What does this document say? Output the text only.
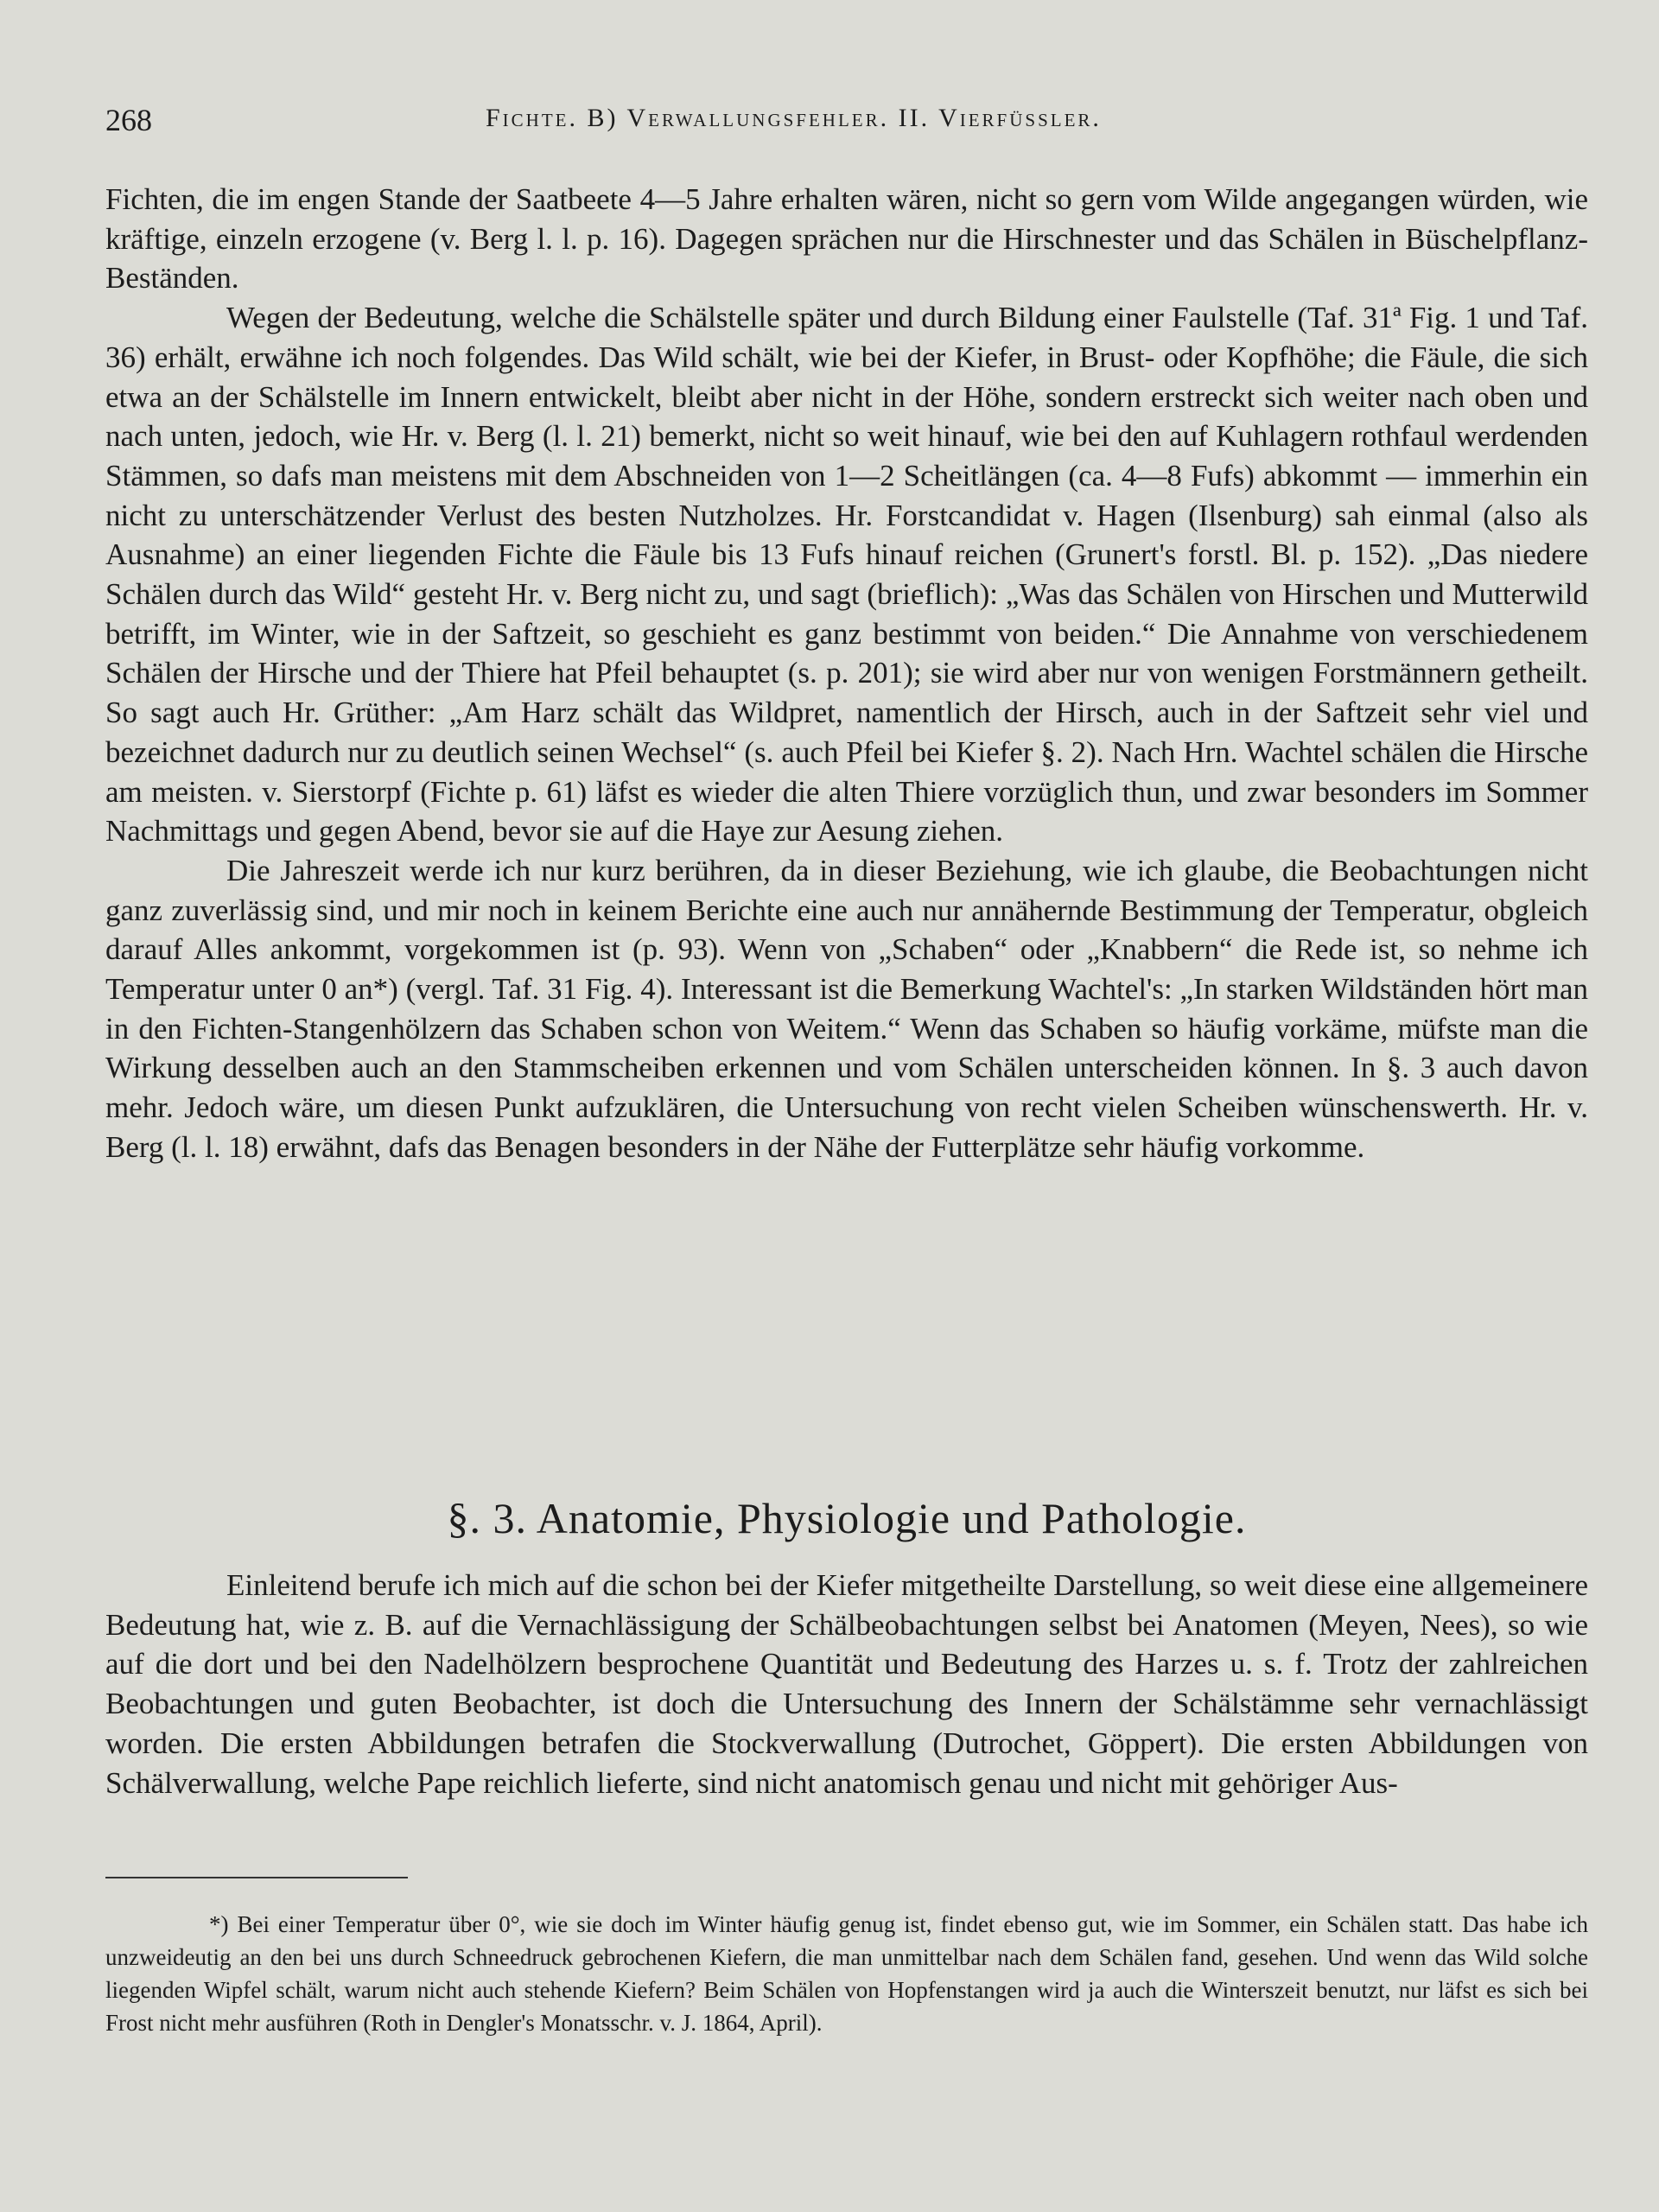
268	Fichte. B) Verwallungsfehler. II. Vierfüssler.

Fichten, die im engen Stande der Saatbeete 4—5 Jahre erhalten wären, nicht so gern vom Wilde angegangen würden, wie kräftige, einzeln erzogene (v. Berg l. l. p. 16). Dagegen sprächen nur die Hirschnester und das Schälen in Büschelpflanz-Beständen.

Wegen der Bedeutung, welche die Schälstelle später und durch Bildung einer Faulstelle (Taf. 31ª Fig. 1 und Taf. 36) erhält, erwähne ich noch folgendes. Das Wild schält, wie bei der Kiefer, in Brust- oder Kopfhöhe; die Fäule, die sich etwa an der Schälstelle im Innern entwickelt, bleibt aber nicht in der Höhe, sondern erstreckt sich weiter nach oben und nach unten, jedoch, wie Hr. v. Berg (l. l. 21) bemerkt, nicht so weit hinauf, wie bei den auf Kuhlagern rothfaul werdenden Stämmen, so dafs man meistens mit dem Abschneiden von 1—2 Scheitlängen (ca. 4—8 Fufs) abkommt — immerhin ein nicht zu unterschätzender Verlust des besten Nutzholzes. Hr. Forstcandidat v. Hagen (Ilsenburg) sah einmal (also als Ausnahme) an einer liegenden Fichte die Fäule bis 13 Fufs hinauf reichen (Grunert's forstl. Bl. p. 152). „Das niedere Schälen durch das Wild“ gesteht Hr. v. Berg nicht zu, und sagt (brieflich): „Was das Schälen von Hirschen und Mutterwild betrifft, im Winter, wie in der Saftzeit, so geschieht es ganz bestimmt von beiden.“ Die Annahme von verschiedenem Schälen der Hirsche und der Thiere hat Pfeil behauptet (s. p. 201); sie wird aber nur von wenigen Forstmännern getheilt. So sagt auch Hr. Grüther: „Am Harz schält das Wildpret, namentlich der Hirsch, auch in der Saftzeit sehr viel und bezeichnet dadurch nur zu deutlich seinen Wechsel“ (s. auch Pfeil bei Kiefer §. 2). Nach Hrn. Wachtel schälen die Hirsche am meisten. v. Sierstorpf (Fichte p. 61) läfst es wieder die alten Thiere vorzüglich thun, und zwar besonders im Sommer Nachmittags und gegen Abend, bevor sie auf die Haye zur Aesung ziehen.

Die Jahreszeit werde ich nur kurz berühren, da in dieser Beziehung, wie ich glaube, die Beobachtungen nicht ganz zuverlässig sind, und mir noch in keinem Berichte eine auch nur annähernde Bestimmung der Temperatur, obgleich darauf Alles ankommt, vorgekommen ist (p. 93). Wenn von „Schaben“ oder „Knabbern“ die Rede ist, so nehme ich Temperatur unter 0 an*) (vergl. Taf. 31 Fig. 4). Interessant ist die Bemerkung Wachtel's: „In starken Wildständen hört man in den Fichten-Stangenhölzern das Schaben schon von Weitem.“ Wenn das Schaben so häufig vorkäme, müfste man die Wirkung desselben auch an den Stammscheiben erkennen und vom Schälen unterscheiden können. In §. 3 auch davon mehr. Jedoch wäre, um diesen Punkt aufzuklären, die Untersuchung von recht vielen Scheiben wünschenswerth. Hr. v. Berg (l. l. 18) erwähnt, dafs das Benagen besonders in der Nähe der Futterplätze sehr häufig vorkomme.

§. 3. Anatomie, Physiologie und Pathologie.

Einleitend berufe ich mich auf die schon bei der Kiefer mitgetheilte Darstellung, so weit diese eine allgemeinere Bedeutung hat, wie z. B. auf die Vernachlässigung der Schälbeobachtungen selbst bei Anatomen (Meyen, Nees), so wie auf die dort und bei den Nadelhölzern besprochene Quantität und Bedeutung des Harzes u. s. f. Trotz der zahlreichen Beobachtungen und guten Beobachter, ist doch die Untersuchung des Innern der Schälstämme sehr vernachlässigt worden. Die ersten Abbildungen betrafen die Stockverwallung (Dutrochet, Göppert). Die ersten Abbildungen von Schälverwallung, welche Pape reichlich lieferte, sind nicht anatomisch genau und nicht mit gehöriger Aus-

*) Bei einer Temperatur über 0°, wie sie doch im Winter häufig genug ist, findet ebenso gut, wie im Sommer, ein Schälen statt. Das habe ich unzweideutig an den bei uns durch Schneedruck gebrochenen Kiefern, die man unmittelbar nach dem Schälen fand, gesehen. Und wenn das Wild solche liegenden Wipfel schält, warum nicht auch stehende Kiefern? Beim Schälen von Hopfenstangen wird ja auch die Winterszeit benutzt, nur läfst es sich bei Frost nicht mehr ausführen (Roth in Dengler's Monatsschr. v. J. 1864, April).
